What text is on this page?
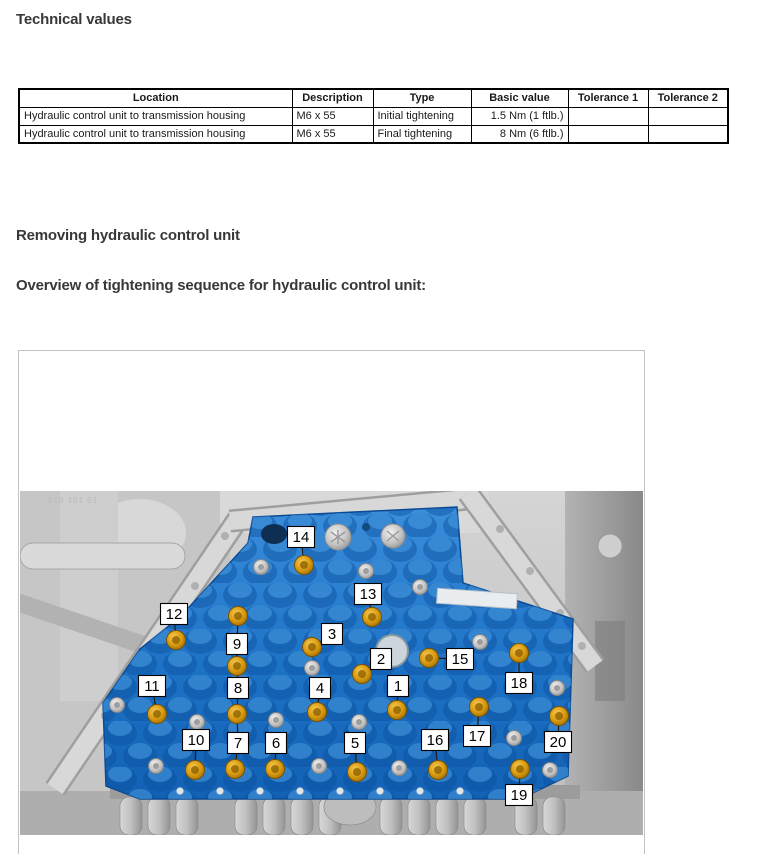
Technical values
Location	Description	Type	Basic value	Tolerance 1	Tolerance 2
Hydraulic control unit to transmission housing	M6 x 55	Initial tightening	1.5 Nm (1 ftlb.)		
Hydraulic control unit to transmission housing	M6 x 55	Final tightening	8 Nm (6 ftlb.)		
Removing hydraulic control unit
Overview of tightening sequence for hydraulic control unit:
078 401 61
1
2
3
4
5
6
7
8
9
10
11
12
13
14
15
16 17
18
19
20
